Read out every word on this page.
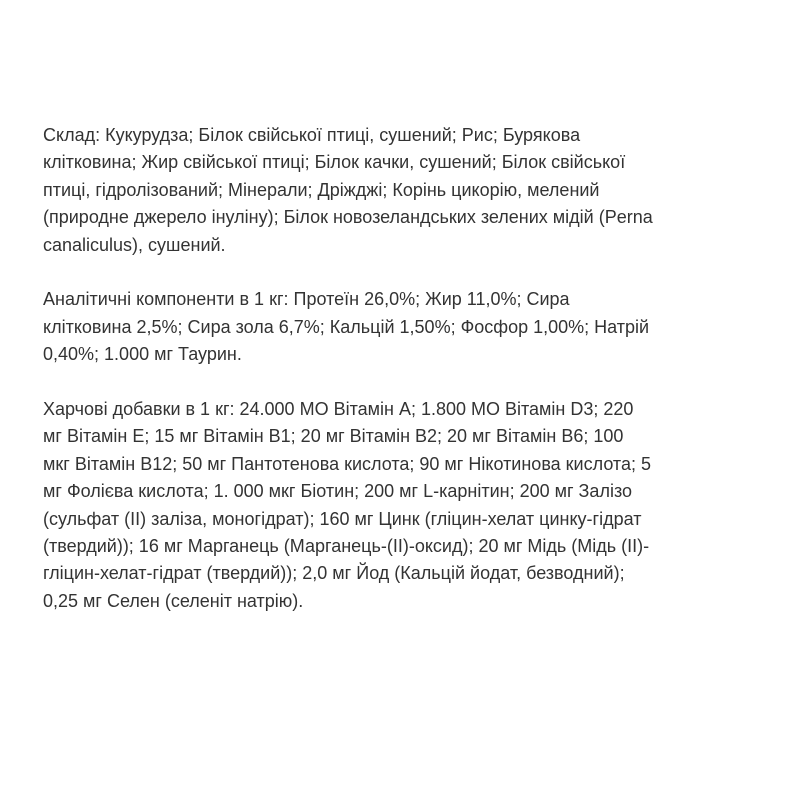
Склад: Кукурудза; Білок свійської птиці, сушений; Рис; Бурякова
клітковина; Жир свійської птиці; Білок качки, сушений; Білок свійської
птиці, гідролізований; Мінерали; Дріжджі; Корінь цикорію, мелений
(природне джерело інуліну); Білок новозеландських зелених мідій (Perna
canaliculus), сушений.

Аналітичні компоненти в 1 кг: Протеїн 26,0%; Жир 11,0%; Сира
клітковина 2,5%; Сира зола 6,7%; Кальцій 1,50%; Фосфор 1,00%; Натрій
0,40%; 1.000 мг Таурин.

Харчові добавки в 1 кг: 24.000 МО Вітамін А; 1.800 МО Вітамін D3; 220
мг Вітамін Е; 15 мг Вітамін В1; 20 мг Вітамін В2; 20 мг Вітамін В6; 100
мкг Вітамін В12; 50 мг Пантотенова кислота; 90 мг Нікотинова кислота; 5
мг Фолієва кислота; 1. 000 мкг Біотин; 200 мг L-карнітин; 200 мг Залізо
(сульфат (ІІ) заліза, моногідрат); 160 мг Цинк (гліцин-хелат цинку-гідрат
(твердий)); 16 мг Марганець (Марганець-(ІІ)-оксид); 20 мг Мідь (Мідь (ІІ)-
гліцин-хелат-гідрат (твердий)); 2,0 мг Йод (Кальцій йодат, безводний);
0,25 мг Селен (селеніт натрію).
